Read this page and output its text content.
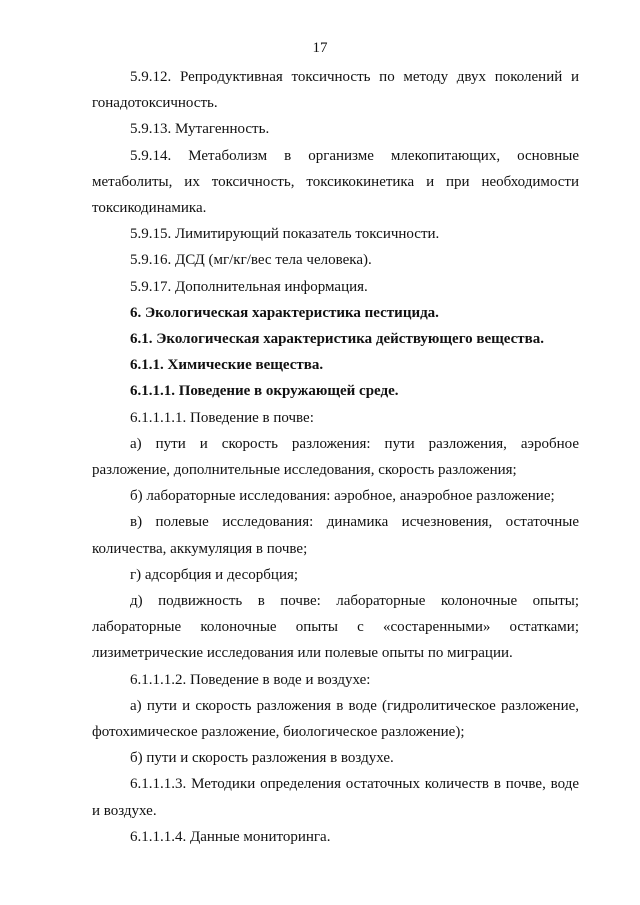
17

5.9.12. Репродуктивная токсичность по методу двух поколений и гонадотоксичность.

5.9.13. Мутагенность.

5.9.14. Метаболизм в организме млекопитающих, основные метаболиты, их токсичность, токсикокинетика и при необходимости токсикодинамика.

5.9.15. Лимитирующий показатель токсичности.

5.9.16. ДСД (мг/кг/вес тела человека).

5.9.17. Дополнительная информация.

6. Экологическая характеристика пестицида.

6.1. Экологическая характеристика действующего вещества.

6.1.1. Химические вещества.

6.1.1.1. Поведение в окружающей среде.

6.1.1.1.1. Поведение в почве:

а) пути и скорость разложения: пути разложения, аэробное разложение, дополнительные исследования, скорость разложения;

б) лабораторные исследования: аэробное, анаэробное разложение;

в) полевые исследования: динамика исчезновения, остаточные количества, аккумуляция в почве;

г) адсорбция и десорбция;

д) подвижность в почве: лабораторные колоночные опыты; лабораторные колоночные опыты с «состаренными» остатками; лизиметрические исследования или полевые опыты по миграции.

6.1.1.1.2. Поведение в воде и воздухе:

а) пути и скорость разложения в воде (гидролитическое разложение, фотохимическое разложение, биологическое разложение);

б) пути и скорость разложения в воздухе.

6.1.1.1.3. Методики определения остаточных количеств в почве, воде и воздухе.

6.1.1.1.4. Данные мониторинга.
